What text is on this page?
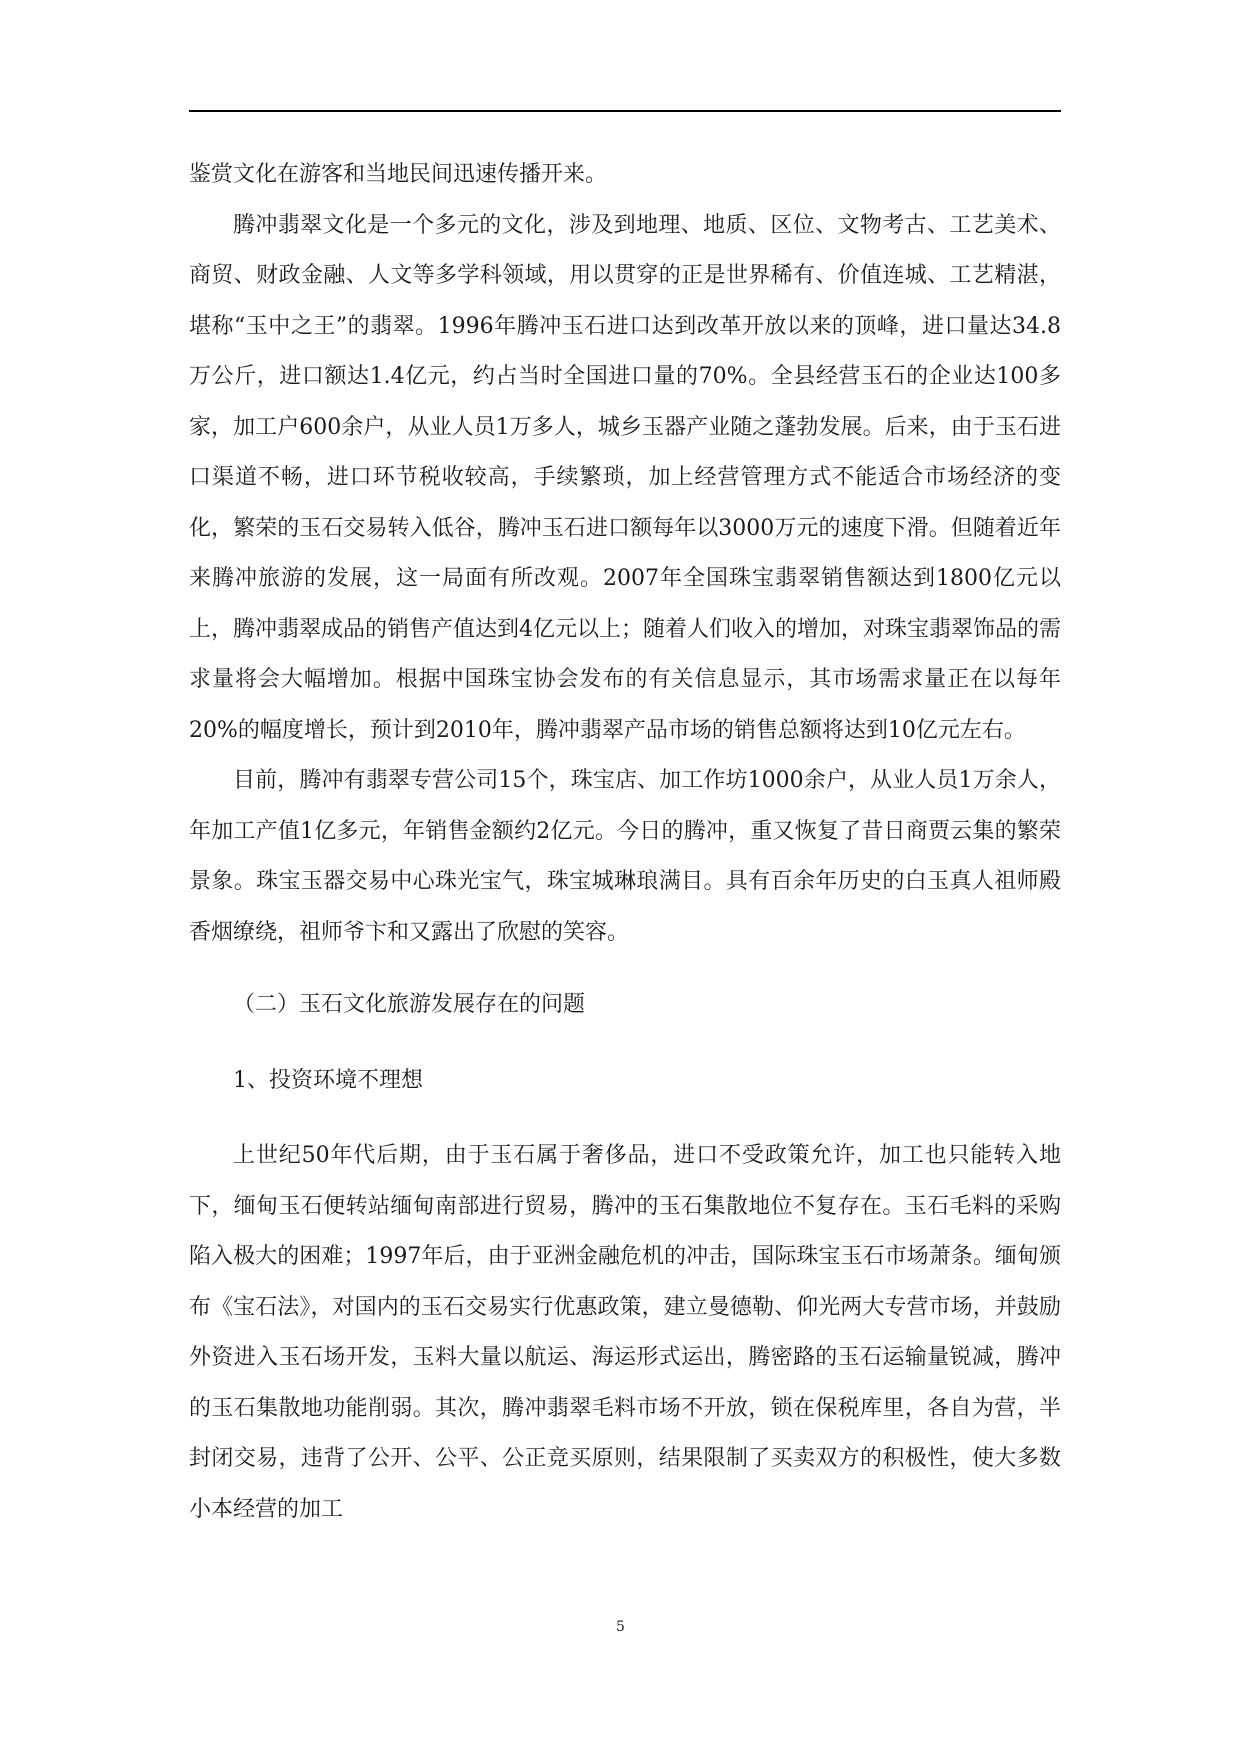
鉴赏文化在游客和当地民间迅速传播开来。

腾冲翡翠文化是一个多元的文化，涉及到地理、地质、区位、文物考古、工艺美术、商贸、财政金融、人文等多学科领域，用以贯穿的正是世界稀有、价值连城、工艺精湛，堪称“玉中之王”的翡翠。1996年腾冲玉石进口达到改革开放以来的顶峰，进口量达34.8万公斤，进口额达1.4亿元，约占当时全国进口量的70%。全县经营玉石的企业达100多家，加工户600余户，从业人员1万多人，城乡玉器产业随之蓬勃发展。后来，由于玉石进口渠道不畅，进口环节税收较高，手续繁琐，加上经营管理方式不能适合市场经济的变化，繁荣的玉石交易转入低谷，腾冲玉石进口额每年以3000万元的速度下滑。但随着近年来腾冲旅游的发展，这一局面有所改观。2007年全国珠宝翡翠销售额达到1800亿元以上，腾冲翡翠成品的销售产值达到4亿元以上；随着人们收入的增加，对珠宝翡翠饰品的需求量将会大幅增加。根据中国珠宝协会发布的有关信息显示，其市场需求量正在以每年20%的幅度增长，预计到2010年，腾冲翡翠产品市场的销售总额将达到10亿元左右。

目前，腾冲有翡翠专营公司15个，珠宝店、加工作坊1000余户，从业人员1万余人，年加工产值1亿多元，年销售金额约2亿元。今日的腾冲，重又恢复了昔日商贾云集的繁荣景象。珠宝玉器交易中心珠光宝气，珠宝城琳琅满目。具有百余年历史的白玉真人祖师殿香烟缭绕，祖师爷卞和又露出了欣慰的笑容。

（二）玉石文化旅游发展存在的问题

1、投资环境不理想

上世纪50年代后期，由于玉石属于奢侈品，进口不受政策允许，加工也只能转入地下，缅甸玉石便转站缅甸南部进行贸易，腾冲的玉石集散地位不复存在。玉石毛料的采购陷入极大的困难；1997年后，由于亚洲金融危机的冲击，国际珠宝玉石市场萧条。缅甸颁布《宝石法》，对国内的玉石交易实行优惠政策，建立曼德勒、仰光两大专营市场，并鼓励外资进入玉石场开发，玉料大量以航运、海运形式运出，腾密路的玉石运输量锐减，腾冲的玉石集散地功能削弱。其次，腾冲翡翠毛料市场不开放，锁在保税库里，各自为营，半封闭交易，违背了公开、公平、公正竞买原则，结果限制了买卖双方的积极性，使大多数小本经营的加工

5
